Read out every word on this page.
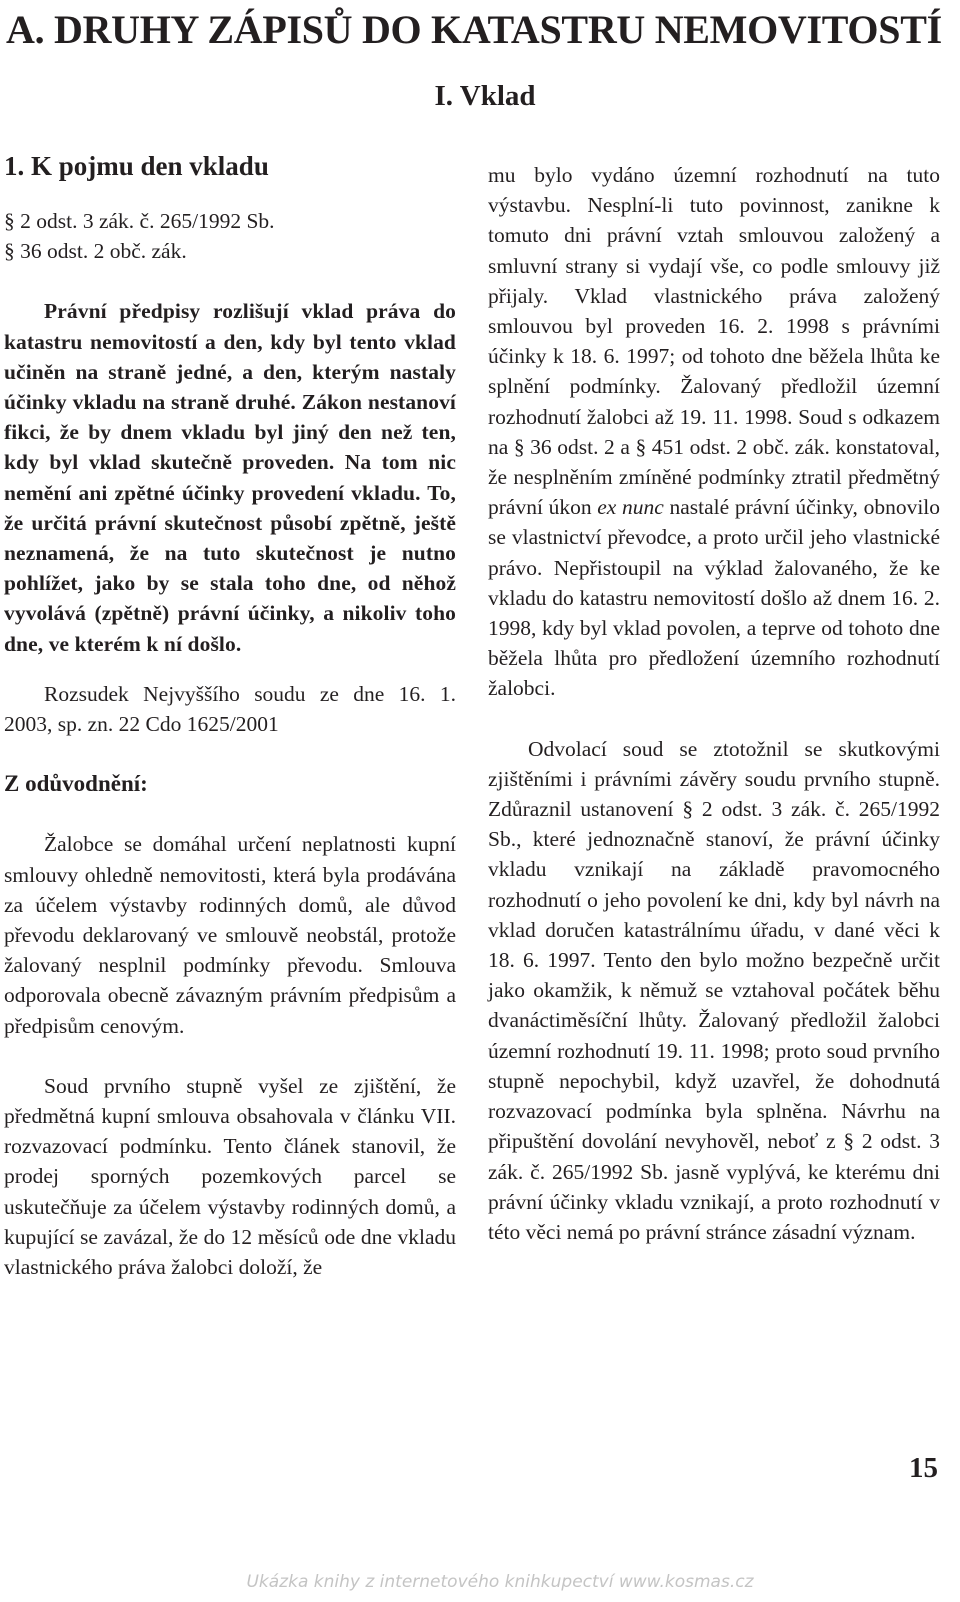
A. DRUHY ZÁPISŮ DO KATASTRU NEMOVITOSTÍ
I. Vklad

1. K pojmu den vkladu

§ 2 odst. 3 zák. č. 265/1992 Sb.

§ 36 odst. 2 obč. zák.

Právní předpisy rozlišují vklad práva do katastru nemovitostí a den, kdy byl tento vklad učiněn na straně jedné, a den, kterým nastaly účinky vkladu na straně druhé. Zákon nestanoví fikci, že by dnem vkladu byl jiný den než ten, kdy byl vklad skutečně proveden. Na tom nic nemění ani zpětné účinky provedení vkladu. To, že určitá právní skutečnost působí zpětně, ještě neznamená, že na tuto skutečnost je nutno pohlížet, jako by se stala toho dne, od něhož vyvolává (zpětně) právní účinky, a nikoliv toho dne, ve kterém k ní došlo.

Rozsudek Nejvyššího soudu ze dne 16. 1. 2003, sp. zn. 22 Cdo 1625/2001

Z odůvodnění:

Žalobce se domáhal určení neplatnosti kupní smlouvy ohledně nemovitosti, která byla prodávána za účelem výstavby rodinných domů, ale důvod převodu deklarovaný ve smlouvě neobstál, protože žalovaný nesplnil podmínky převodu. Smlouva odporovala obecně závazným právním předpisům a předpisům cenovým.

Soud prvního stupně vyšel ze zjištění, že předmětná kupní smlouva obsahovala v článku VII. rozvazovací podmínku. Tento článek stanovil, že prodej sporných pozemkových parcel se uskutečňuje za účelem výstavby rodinných domů, a kupující se zavázal, že do 12 měsíců ode dne vkladu vlastnického práva žalobci doloží, že

mu bylo vydáno územní rozhodnutí na tuto výstavbu. Nesplní-li tuto povinnost, zanikne k tomuto dni právní vztah smlouvou založený a smluvní strany si vydají vše, co podle smlouvy již přijaly. Vklad vlastnického práva založený smlouvou byl proveden 16. 2. 1998 s právními účinky k 18. 6. 1997; od tohoto dne běžela lhůta ke splnění podmínky. Žalovaný předložil územní rozhodnutí žalobci až 19. 11. 1998. Soud s odkazem na § 36 odst. 2 a § 451 odst. 2 obč. zák. konstatoval, že nesplněním zmíněné podmínky ztratil předmětný právní úkon ex nunc nastalé právní účinky, obnovilo se vlastnictví převodce, a proto určil jeho vlastnické právo. Nepřistoupil na výklad žalovaného, že ke vkladu do katastru nemovitostí došlo až dnem 16. 2. 1998, kdy byl vklad povolen, a teprve od tohoto dne běžela lhůta pro předložení územního rozhodnutí žalobci.

Odvolací soud se ztotožnil se skutkovými zjištěními i právními závěry soudu prvního stupně. Zdůraznil ustanovení § 2 odst. 3 zák. č. 265/1992 Sb., které jednoznačně stanoví, že právní účinky vkladu vznikají na základě pravomocného rozhodnutí o jeho povolení ke dni, kdy byl návrh na vklad doručen katastrálnímu úřadu, v dané věci k 18. 6. 1997. Tento den bylo možno bezpečně určit jako okamžik, k němuž se vztahoval počátek běhu dvanáctiměsíční lhůty. Žalovaný předložil žalobci územní rozhodnutí 19. 11. 1998; proto soud prvního stupně nepochybil, když uzavřel, že dohodnutá rozvazovací podmínka byla splněna. Návrhu na připuštění dovolání nevyhověl, neboť z § 2 odst. 3 zák. č. 265/1992 Sb. jasně vyplývá, ke kterému dni právní účinky vkladu vznikají, a proto rozhodnutí v této věci nemá po právní stránce zásadní význam.

15

Ukázka knihy z internetového knihkupectví www.kosmas.cz
